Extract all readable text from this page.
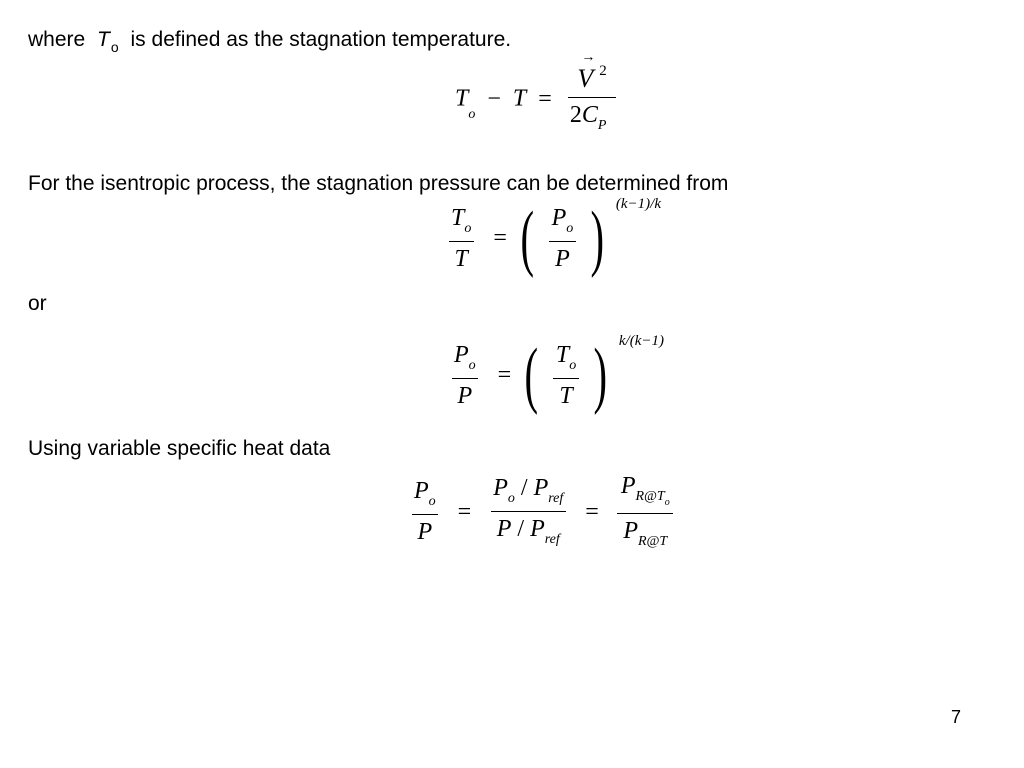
where $T_o$ is defined as the stagnation temperature.
$T_o - T = V$
→
$^2$
$2C_P$
For the isentropic process, the stagnation pressure can be determined from
$\frac{T_o}{T}$ = ( $\frac{P_o}{P}$ ) $^{(k-1)/k}$
or
$\frac{P_o}{P}$ = ( $\frac{T_o}{T}$ ) $^{k/(k-1)}$
Using variable specific heat data
$\frac{P_o}{P} = \frac{P_o / P_{ref}}{P / P_{ref}} = \frac{P_{R@To}}{P_{R@T}}$
7
